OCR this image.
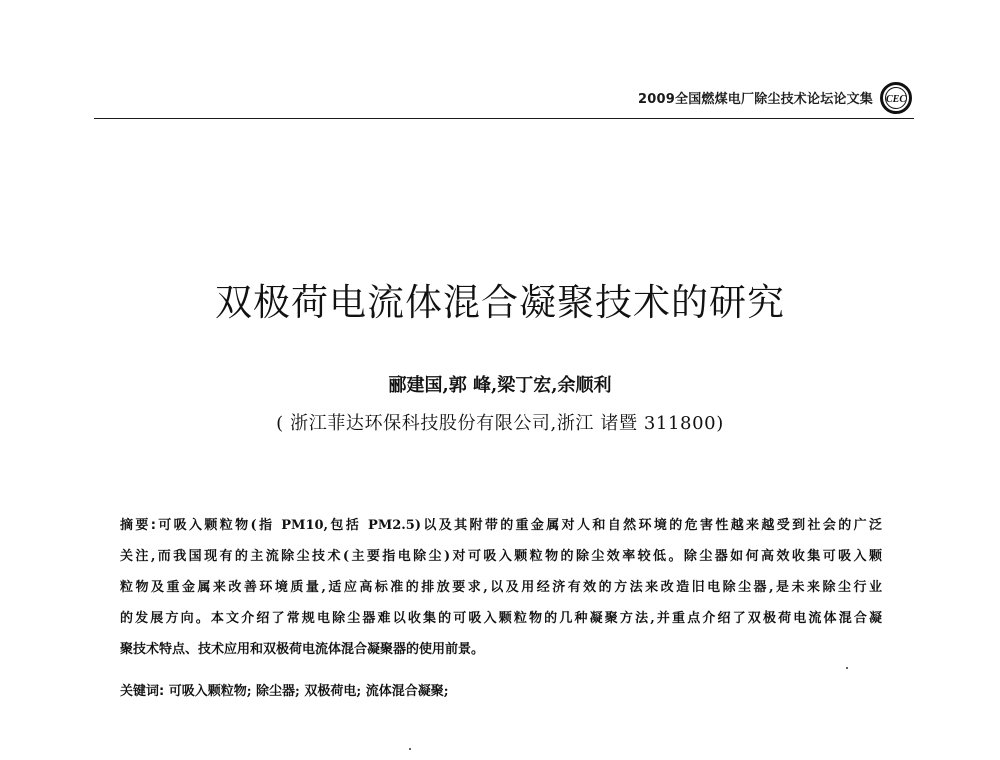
2009全国燃煤电厂除尘技术论坛论文集 CEC
双极荷电流体混合凝聚技术的研究
郦建国,郭 峰,梁丁宏,余顺利
( 浙江菲达环保科技股份有限公司,浙江 诸暨 311800)
摘要:可吸入颗粒物(指 PM10,包括 PM2.5)以及其附带的重金属对人和自然环境的危害性越来越受到社会的广泛
关注,而我国现有的主流除尘技术(主要指电除尘)对可吸入颗粒物的除尘效率较低。除尘器如何高效收集可吸入颗
粒物及重金属来改善环境质量,适应高标准的排放要求,以及用经济有效的方法来改造旧电除尘器,是未来除尘行业
的发展方向。本文介绍了常规电除尘器难以收集的可吸入颗粒物的几种凝聚方法,并重点介绍了双极荷电流体混合凝
聚技术特点、技术应用和双极荷电流体混合凝聚器的使用前景。
关键词: 可吸入颗粒物; 除尘器; 双极荷电; 流体混合凝聚;
